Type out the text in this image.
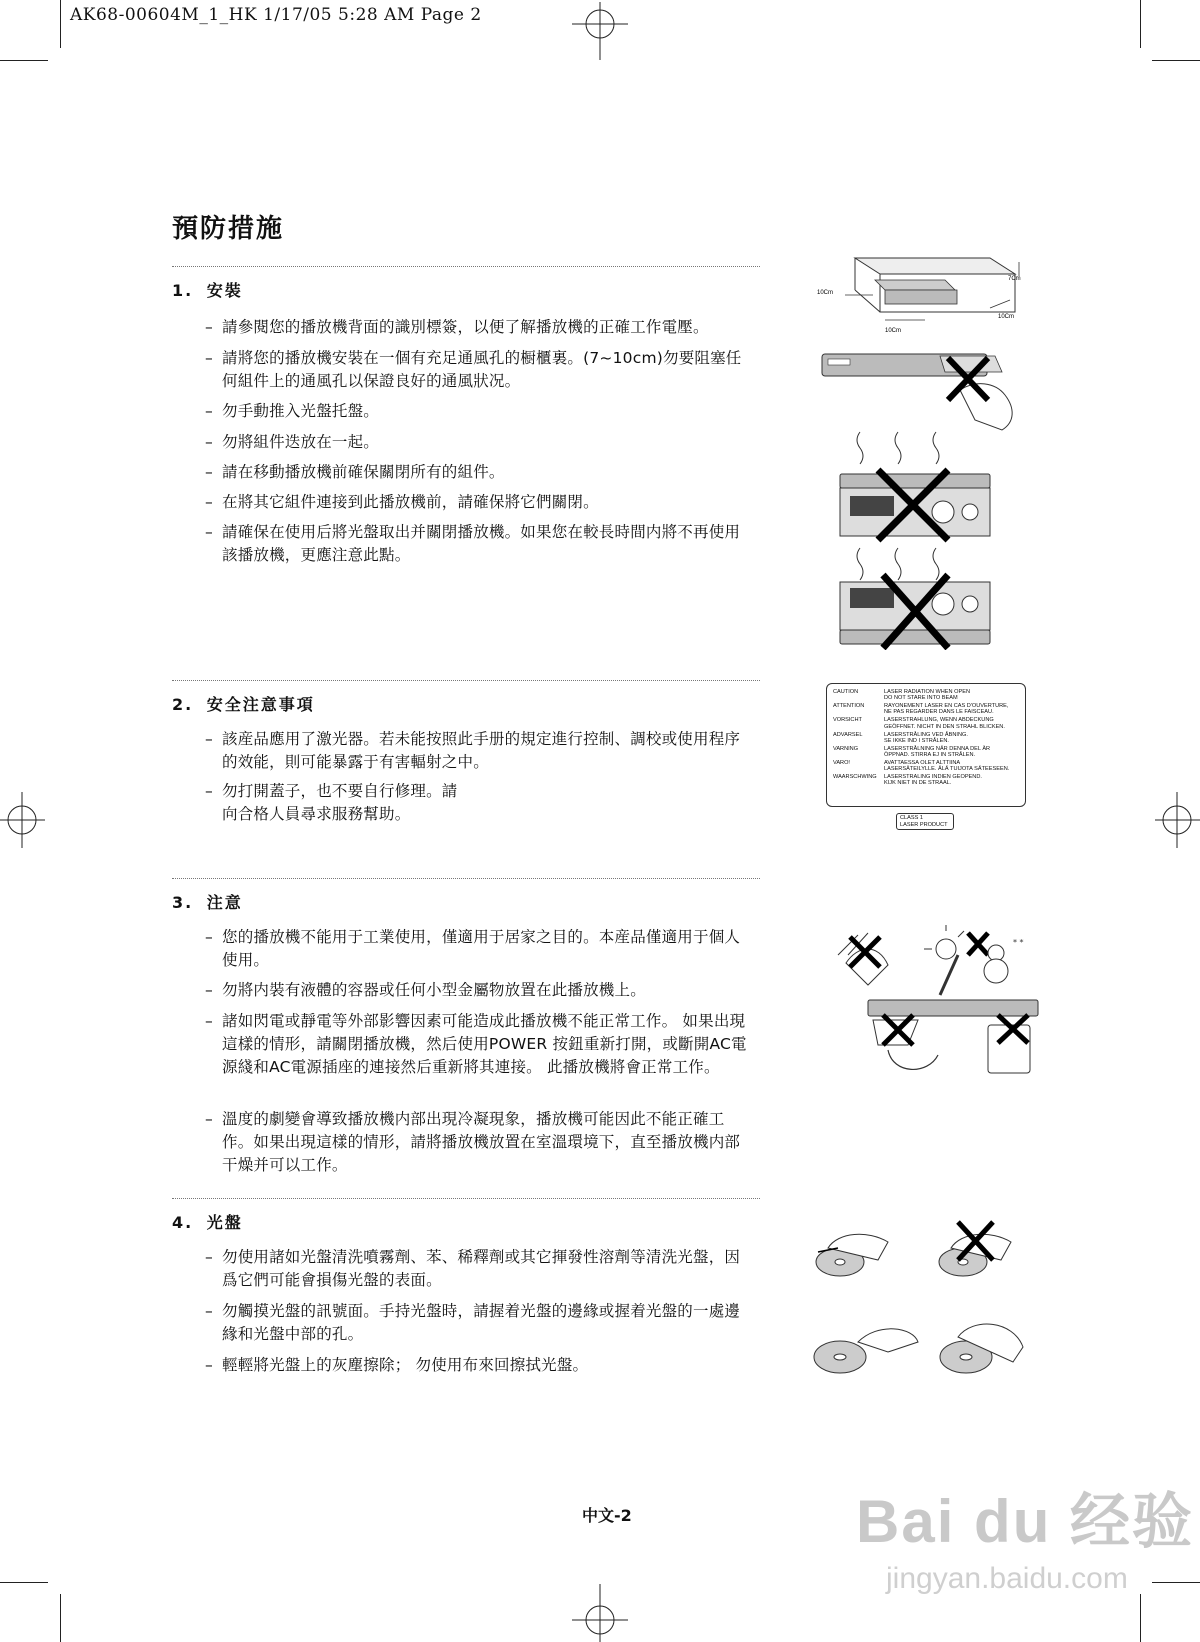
AK68-00604M_1_HK 1/17/05 5:28 AM Page 2
預防措施
1. 安裝
– 請參閱您的播放機背面的識別標簽，以便了解播放機的正確工作電壓。
– 請將您的播放機安裝在一個有充足通風孔的橱櫃裏。(7~10cm)勿要阻塞任何組件上的通風孔以保證良好的通風狀况。
– 勿手動推入光盤托盤。
– 勿將組件迭放在一起。
– 請在移動播放機前確保關閉所有的組件。
– 在將其它組件連接到此播放機前，請確保將它們關閉。
– 請確保在使用后將光盤取出并關閉播放機。如果您在較長時間内將不再使用該播放機，更應注意此點。
2. 安全注意事項
– 該産品應用了激光器。若未能按照此手册的規定進行控制、調校或使用程序的效能，則可能暴露于有害輻射之中。
– 勿打開蓋子，也不要自行修理。請向合格人員尋求服務幫助。
3. 注意
– 您的播放機不能用于工業使用，僅適用于居家之目的。本産品僅適用于個人使用。
– 勿將内裝有液體的容器或任何小型金屬物放置在此播放機上。
– 諸如閃電或靜電等外部影響因素可能造成此播放機不能正常工作。 如果出現這樣的情形，請關閉播放機，然后使用POWER 按鈕重新打開，或斷開AC電源綫和AC電源插座的連接然后重新將其連接。 此播放機將會正常工作。
– 溫度的劇變會導致播放機内部出現冷凝現象，播放機可能因此不能正確工作。如果出現這樣的情形，請將播放機放置在室溫環境下，直至播放機内部干燥并可以工作。
4. 光盤
– 勿使用諸如光盤清洗噴霧劑、苯、稀釋劑或其它揮發性溶劑等清洗光盤，因爲它們可能會損傷光盤的表面。
– 勿觸摸光盤的訊號面。手持光盤時，請握着光盤的邊緣或握着光盤的一處邊緣和光盤中部的孔。
– 輕輕將光盤上的灰塵擦除； 勿使用布來回擦拭光盤。
10Cm
7Cm
10Cm
10Cm
CAUTION	LASER RADIATION WHEN OPEN
DO NOT STARE INTO BEAM
ATTENTION	RAYONEMENT LASER EN CAS D'OUVERTURE,
NE PAS REGARDER DANS LE FAISCEAU.
VORSICHT	LASERSTRAHLUNG, WENN ABDECKUNG
GEÖFFNET. NICHT IN DEN STRAHL BLICKEN.
ADVARSEL	LASERSTRÅLING VED ÅBNING.
SE IKKE IND I STRÅLEN.
VARNING	LASERSTRÅLNING NÄR DENNA DEL ÄR
ÖPPNAD. STIRRA EJ IN STRÅLEN.
VARO!	AVATTAESSA OLET ALTTIINA
LASERSÄTEILYLLE. ÄLÄ TUIJOTA SÄTEESEEN.
WAARSCHWING	LASERSTRALING INDIEN GEOPEND.
KIJK NIET IN DE STRAAL.
CLASS 1
LASER PRODUCT
* *
中文-2	Bai du 经验
jingyan.baidu.com
